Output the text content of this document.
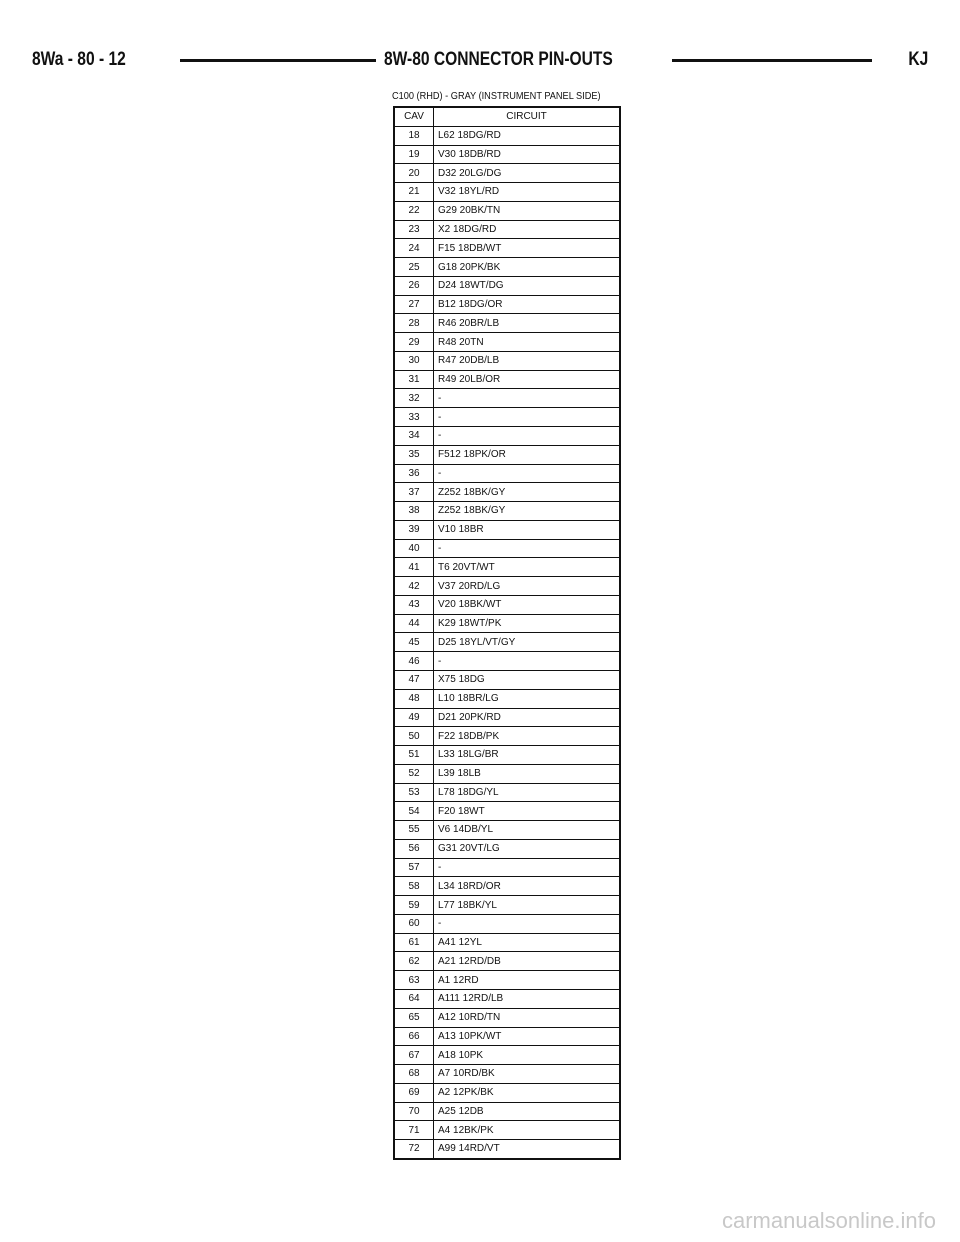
8Wa - 80 - 12	8W-80 CONNECTOR PIN-OUTS	KJ
C100 (RHD) - GRAY (INSTRUMENT PANEL SIDE)
CAV	CIRCUIT
18	L62 18DG/RD
19	V30 18DB/RD
20	D32 20LG/DG
21	V32 18YL/RD
22	G29 20BK/TN
23	X2 18DG/RD
24	F15 18DB/WT
25	G18 20PK/BK
26	D24 18WT/DG
27	B12 18DG/OR
28	R46 20BR/LB
29	R48 20TN
30	R47 20DB/LB
31	R49 20LB/OR
32	-
33	-
34	-
35	F512 18PK/OR
36	-
37	Z252 18BK/GY
38	Z252 18BK/GY
39	V10 18BR
40	-
41	T6 20VT/WT
42	V37 20RD/LG
43	V20 18BK/WT
44	K29 18WT/PK
45	D25 18YL/VT/GY
46	-
47	X75 18DG
48	L10 18BR/LG
49	D21 20PK/RD
50	F22 18DB/PK
51	L33 18LG/BR
52	L39 18LB
53	L78 18DG/YL
54	F20 18WT
55	V6 14DB/YL
56	G31 20VT/LG
57	-
58	L34 18RD/OR
59	L77 18BK/YL
60	-
61	A41 12YL
62	A21 12RD/DB
63	A1 12RD
64	A111 12RD/LB
65	A12 10RD/TN
66	A13 10PK/WT
67	A18 10PK
68	A7 10RD/BK
69	A2 12PK/BK
70	A25 12DB
71	A4 12BK/PK
72	A99 14RD/VT
carmanualsonline.info
